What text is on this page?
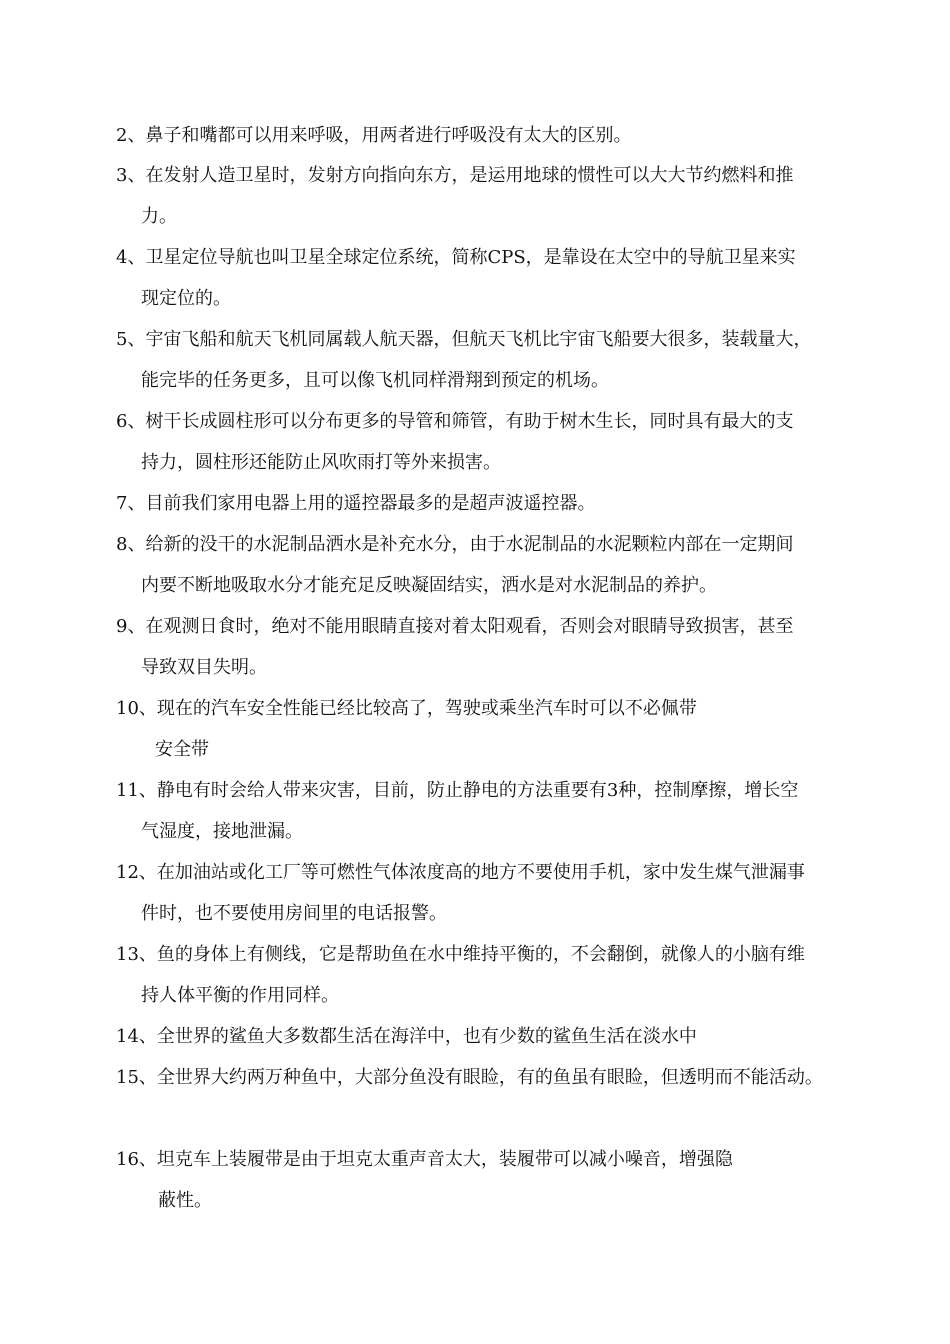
2、鼻子和嘴都可以用来呼吸，用两者进行呼吸没有太大的区别。
3、在发射人造卫星时，发射方向指向东方，是运用地球的惯性可以大大节约燃料和推
力。
4、卫星定位导航也叫卫星全球定位系统，简称CPS，是靠设在太空中的导航卫星来实
现定位的。
5、宇宙飞船和航天飞机同属载人航天器，但航天飞机比宇宙飞船要大很多，装载量大，
能完毕的任务更多，且可以像飞机同样滑翔到预定的机场。
6、树干长成圆柱形可以分布更多的导管和筛管，有助于树木生长，同时具有最大的支
持力，圆柱形还能防止风吹雨打等外来损害。
7、目前我们家用电器上用的遥控器最多的是超声波遥控器。
8、给新的没干的水泥制品洒水是补充水分，由于水泥制品的水泥颗粒内部在一定期间
内要不断地吸取水分才能充足反映凝固结实，洒水是对水泥制品的养护。
9、在观测日食时，绝对不能用眼睛直接对着太阳观看，否则会对眼睛导致损害，甚至
导致双目失明。
10、现在的汽车安全性能已经比较高了，驾驶或乘坐汽车时可以不必佩带
安全带
11、静电有时会给人带来灾害，目前，防止静电的方法重要有3种，控制摩擦，增长空
气湿度，接地泄漏。
12、在加油站或化工厂等可燃性气体浓度高的地方不要使用手机，家中发生煤气泄漏事
件时，也不要使用房间里的电话报警。
13、鱼的身体上有侧线，它是帮助鱼在水中维持平衡的，不会翻倒，就像人的小脑有维
持人体平衡的作用同样。
14、全世界的鲨鱼大多数都生活在海洋中，也有少数的鲨鱼生活在淡水中
15、全世界大约两万种鱼中，大部分鱼没有眼睑，有的鱼虽有眼睑，但透明而不能活动。
16、坦克车上装履带是由于坦克太重声音太大，装履带可以减小噪音，增强隐
蔽性。
